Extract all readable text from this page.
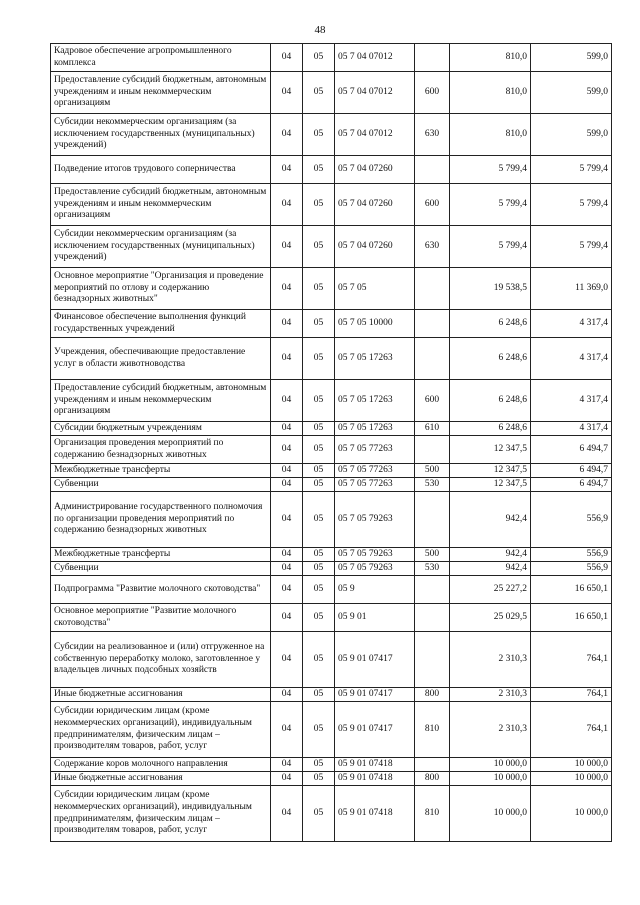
48
Кадровое обеспечение агропромышленного комплекса	04	05	05 7 04 07012		810,0	599,0
Предоставление субсидий бюджетным, автономным учреждениям и иным некоммерческим организациям	04	05	05 7 04 07012	600	810,0	599,0
Субсидии некоммерческим организациям (за исключением государственных (муниципальных) учреждений)	04	05	05 7 04 07012	630	810,0	599,0
Подведение итогов трудового соперничества	04	05	05 7 04 07260		5 799,4	5 799,4
Предоставление субсидий бюджетным, автономным учреждениям и иным некоммерческим организациям	04	05	05 7 04 07260	600	5 799,4	5 799,4
Субсидии некоммерческим организациям (за исключением государственных (муниципальных) учреждений)	04	05	05 7 04 07260	630	5 799,4	5 799,4
Основное мероприятие "Организация и проведение мероприятий по отлову и содержанию безнадзорных животных"	04	05	05 7 05		19 538,5	11 369,0
Финансовое обеспечение выполнения функций государственных учреждений	04	05	05 7 05 10000		6 248,6	4 317,4
Учреждения, обеспечивающие предоставление услуг в области животноводства	04	05	05 7 05 17263		6 248,6	4 317,4
Предоставление субсидий бюджетным, автономным учреждениям и иным некоммерческим организациям	04	05	05 7 05 17263	600	6 248,6	4 317,4
Субсидии бюджетным учреждениям	04	05	05 7 05 17263	610	6 248,6	4 317,4
Организация проведения мероприятий по содержанию безнадзорных животных	04	05	05 7 05 77263		12 347,5	6 494,7
Межбюджетные трансферты	04	05	05 7 05 77263	500	12 347,5	6 494,7
Субвенции	04	05	05 7 05 77263	530	12 347,5	6 494,7
Администрирование государственного полномочия по организации проведения мероприятий по содержанию безнадзорных животных	04	05	05 7 05 79263		942,4	556,9
Межбюджетные трансферты	04	05	05 7 05 79263	500	942,4	556,9
Субвенции	04	05	05 7 05 79263	530	942,4	556,9
Подпрограмма "Развитие молочного скотоводства"	04	05	05 9		25 227,2	16 650,1
Основное мероприятие "Развитие молочного скотоводства"	04	05	05 9 01		25 029,5	16 650,1
Субсидии на реализованное и (или) отгруженное на собственную переработку молоко, заготовленное у владельцев личных подсобных хозяйств	04	05	05 9 01 07417		2 310,3	764,1
Иные бюджетные ассигнования	04	05	05 9 01 07417	800	2 310,3	764,1
Субсидии юридическим лицам (кроме некоммерческих организаций), индивидуальным предпринимателям, физическим лицам – производителям товаров, работ, услуг	04	05	05 9 01 07417	810	2 310,3	764,1
Содержание коров молочного направления	04	05	05 9 01 07418		10 000,0	10 000,0
Иные бюджетные ассигнования	04	05	05 9 01 07418	800	10 000,0	10 000,0
Субсидии юридическим лицам (кроме некоммерческих организаций), индивидуальным предпринимателям, физическим лицам – производителям товаров, работ, услуг	04	05	05 9 01 07418	810	10 000,0	10 000,0
